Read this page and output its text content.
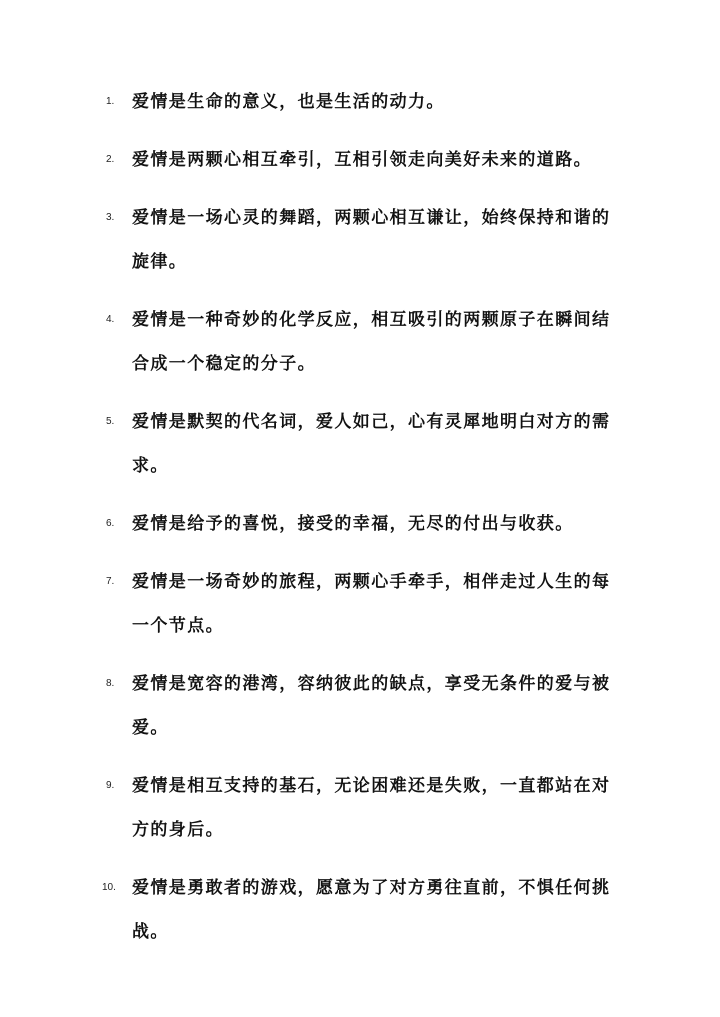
1. 爱情是生命的意义，也是生活的动力。
2. 爱情是两颗心相互牵引，互相引领走向美好未来的道路。
3. 爱情是一场心灵的舞蹈，两颗心相互谦让，始终保持和谐的旋律。
4. 爱情是一种奇妙的化学反应，相互吸引的两颗原子在瞬间结合成一个稳定的分子。
5. 爱情是默契的代名词，爱人如己，心有灵犀地明白对方的需求。
6. 爱情是给予的喜悦，接受的幸福，无尽的付出与收获。
7. 爱情是一场奇妙的旅程，两颗心手牵手，相伴走过人生的每一个节点。
8. 爱情是宽容的港湾，容纳彼此的缺点，享受无条件的爱与被爱。
9. 爱情是相互支持的基石，无论困难还是失败，一直都站在对方的身后。
10. 爱情是勇敢者的游戏，愿意为了对方勇往直前，不惧任何挑战。
